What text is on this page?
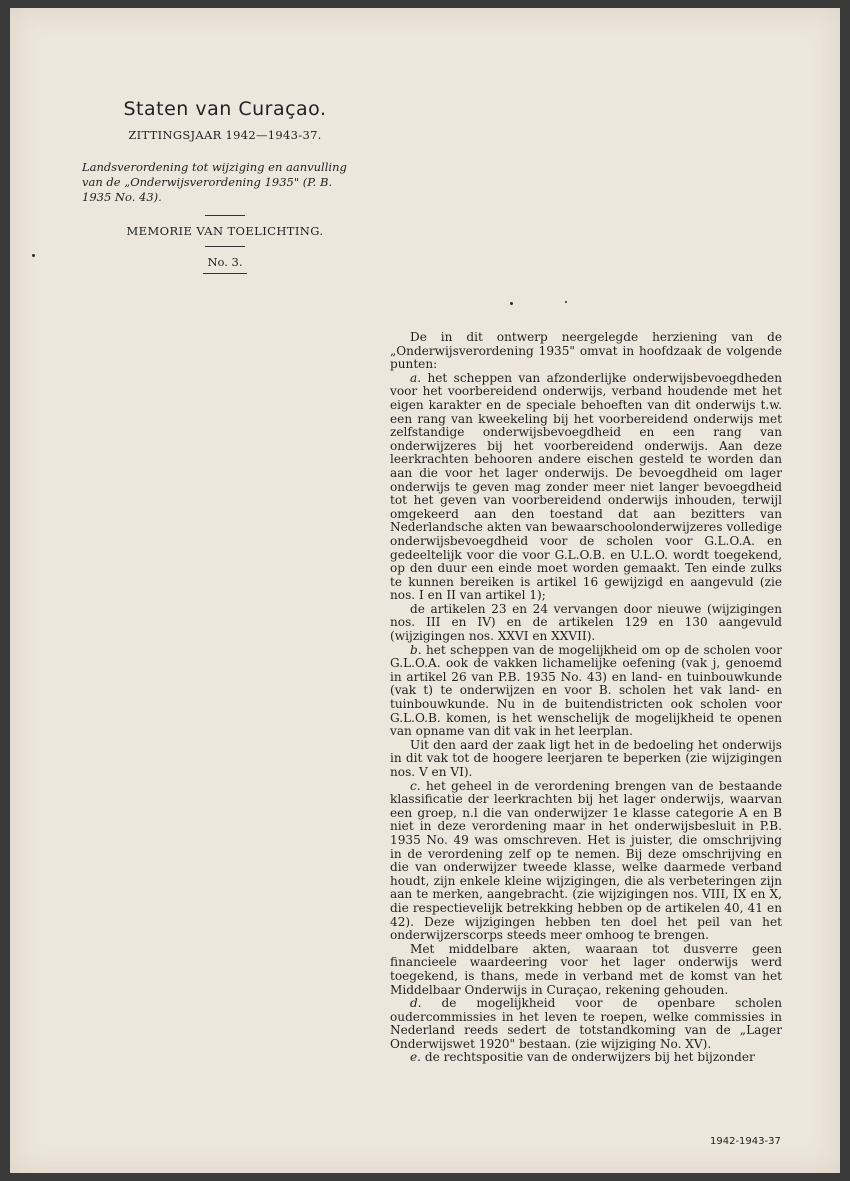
Staten van Curaçao.
ZITTINGSJAAR 1942—1943-37.
Landsverordening tot wijziging en aanvulling van de „Onderwijsverordening 1935" (P. B. 1935 No. 43).
MEMORIE VAN TOELICHTING.
No. 3.

De in dit ontwerp neergelegde herziening van de „Onderwijsverordening 1935" omvat in hoofdzaak de volgende punten:

a. het scheppen van afzonderlijke onderwijsbevoegdheden voor het voorbereidend onderwijs, verband houdende met het eigen karakter en de speciale behoeften van dit onderwijs t.w. een rang van kweekeling bij het voorbereidend onderwijs met zelfstandige onderwijsbevoegdheid en een rang van onderwijzeres bij het voorbereidend onderwijs. Aan deze leerkrachten behooren andere eischen gesteld te worden dan aan die voor het lager onderwijs. De bevoegdheid om lager onderwijs te geven mag zonder meer niet langer bevoegdheid tot het geven van voorbereidend onderwijs inhouden, terwijl omgekeerd aan den toestand dat aan bezitters van Nederlandsche akten van bewaarschoolonderwijzeres volledige onderwijsbevoegdheid voor de scholen voor G.L.O.A. en gedeeltelijk voor die voor G.L.O.B. en U.L.O. wordt toegekend, op den duur een einde moet worden gemaakt. Ten einde zulks te kunnen bereiken is artikel 16 gewijzigd en aangevuld (zie nos. I en II van artikel 1);

de artikelen 23 en 24 vervangen door nieuwe (wijzigingen nos. III en IV) en de artikelen 129 en 130 aangevuld (wijzigingen nos. XXVI en XXVII).

b. het scheppen van de mogelijkheid om op de scholen voor G.L.O.A. ook de vakken lichamelijke oefening (vak j, genoemd in artikel 26 van P.B. 1935 No. 43) en land- en tuinbouwkunde (vak t) te onderwijzen en voor B. scholen het vak land- en tuinbouwkunde. Nu in de buitendistricten ook scholen voor G.L.O.B. komen, is het wenschelijk de mogelijkheid te openen van opname van dit vak in het leerplan.

Uit den aard der zaak ligt het in de bedoeling het onderwijs in dit vak tot de hoogere leerjaren te beperken (zie wijzigingen nos. V en VI).

c. het geheel in de verordening brengen van de bestaande klassificatie der leerkrachten bij het lager onderwijs, waarvan een groep, n.l die van onderwijzer 1e klasse categorie A en B niet in deze verordening maar in het onderwijsbesluit in P.B. 1935 No. 49 was omschreven. Het is juister, die omschrijving in de verordening zelf op te nemen. Bij deze omschrijving en die van onderwijzer tweede klasse, welke daarmede verband houdt, zijn enkele kleine wijzigingen, die als verbeteringen zijn aan te merken, aangebracht. (zie wijzigingen nos. VIII, IX en X, die respectievelijk betrekking hebben op de artikelen 40, 41 en 42). Deze wijzigingen hebben ten doel het peil van het onderwijzerscorps steeds meer omhoog te brengen.

Met middelbare akten, waaraan tot dusverre geen financieele waardeering voor het lager onderwijs werd toegekend, is thans, mede in verband met de komst van het Middelbaar Onderwijs in Curaçao, rekening gehouden.

d. de mogelijkheid voor de openbare scholen oudercommissies in het leven te roepen, welke commissies in Nederland reeds sedert de totstandkoming van de „Lager Onderwijswet 1920" bestaan. (zie wijziging No. XV).

e. de rechtspositie van de onderwijzers bij het bijzonder

1942-1943-37
